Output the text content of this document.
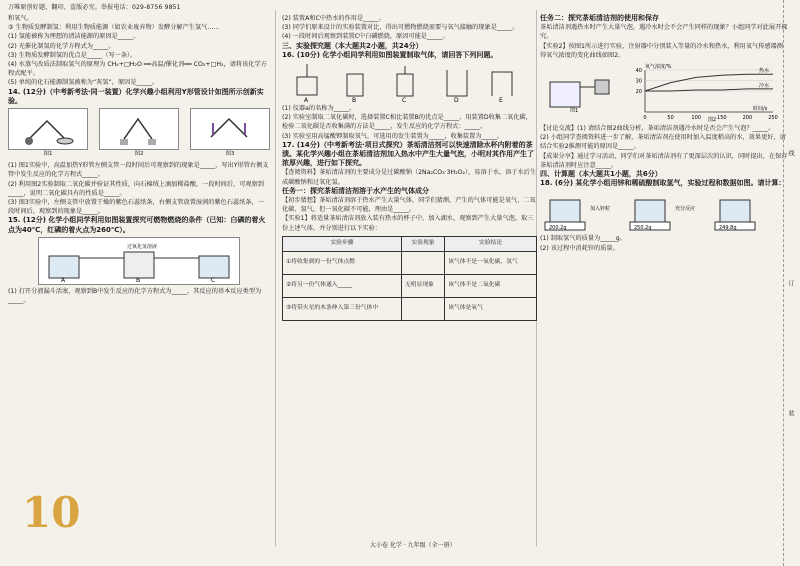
万唯原创好题，翻印、盗版必究。举报电话：029-8756 9851

和氧气。

③ 生物质发酵制氢：利用生物质能源（如农业废弃物）发酵分解产生氢气……

(1) 氢能被称为理想的清洁能源的原因是_____。

(2) 光催化制氢的化学方程式为_____。

(3) 生物质发酵制氢的优点是_____（写一条）。

(4) 水蒸气改质法制取氢气的原理为 CH₄+□H₂O ══高温/催化剂══ CO₂+□H₂，请将该化学方程式配平。

(5) 单纯的化石能源制氢被称为“灰氢”，原因是_____。

14. (12分)（中考新考法·同一装置）化学兴趣小组利用Y形管设计如图所示创新实验。

图1	图2	图3

(1) 图1实验中，高温加热Y形管左侧支管一段时间后可观察到的现象是_____，写出Y形管右侧支管中发生反应的化学方程式_____。

(2) 利用图2实验制取二氧化碳并验证其性质，向石棉绒上滴加稀盐酸，一段时间后，可观察到_____，说明二氧化碳具有的性质是_____。

(3) 图3实验中，左侧支管中放置干燥的紫色石蕊纸条，右侧支管放置湿润的紫色石蕊纸条，一段时间后，观察到的现象是_____。

15. (12分) 化学小组同学利用如图装置探究可燃物燃烧的条件（已知：白磷的着火点为40℃，红磷的着火点为260℃）。

A	B	C
过氧化氢溶液

(1) 打开分液漏斗活塞，观察到B中发生反应的化学方程式为_____，其反应的基本反应类型为_____。

10

(2) 装置A和C中热水的作用是_____。

(3) 同学们原来设计的实验装置对比，得出可燃物燃烧需要与氧气接触的现象是_____。

(4) 一段时间后观察到装置C中白磷燃烧，原因可能是_____。

三、实验探究题（本大题共2小题，共24分）

16. (10分) 化学小组同学利用如图装置制取气体，请回答下列问题。

A	B	C	D	E

(1) 仪器a的名称为_____。

(2) 实验室制取二氧化碳时，选择装置C相比装置B的优点是_____，用装置D收集二氧化碳，检验二氧化碳是否收集满的方法是_____，发生反应的化学方程式：_____。

(3) 实验室用高锰酸钾制取氧气，可选用的发生装置为_____，收集装置为_____。

17. (14分)（中考新考法·项目式探究）茶垢清洁剂可以快速清除水杯内附着的茶渍。某化学兴趣小组在茶垢清洁剂加入热水中产生大量气泡，小明对其作用产生了浓厚兴趣，进行如下探究。

【查阅资料】茶垢清洁剂的主要成分是过碳酸钠（2Na₂CO₃·3H₂O₂），易溶于水，溶于水后生成碳酸钠和过氧化氢。

任务一：探究茶垢清洁剂溶于水产生的气体成分

【初步猜想】茶垢清洁剂溶于热水产生大量气体，同学们猜测，产生的气体可能是氧气、二氧化碳、氢气，但一氧化碳不可能，理由是_____。

【实验1】将适量茶垢清洁剂放入装有热水的杯子中，加入湖水，观察到产生大量气泡，取三份上述气体，并分别进行以下实验：

实验步骤	实验现象	实验结论
①将收集到的一份气体点燃		该气体不是一氧化碳、氢气
②将另一份气体通入_____	无明显现象	该气体不是二氧化碳
③将带火星的木条伸入第三份气体中		该气体是氧气

任务二：探究茶垢清洁剂的使用和保存

茶垢清洁剂遇热水时产生大量气泡，遇冷水时会不会产生同样的现象？小组同学对此展开探究。

【实验2】按图1所示进行实验，注射器中分别装入等量的冷水和热水，利用氧气传感器测得氧气浓度的变化曲线如图2。

图1
20
30
40
0	50	100	150	200	250
热水
冷水
氧气浓度/%
时间/s
图2

【讨论交流】(1) 请结合图2曲线分析，茶垢清洁剂遇冷水时是否会产生气泡？_____。

(2) 小组同学查阅资料进一步了解，茶垢清洁剂在使用时加入温度稍高的水，效果更好，请结合实验2推测可能的原因是_____。

【成果分享】通过学习活动，同学们对茶垢清洁剂有了更深层次的认识，同时提出，在保存茶垢清洁剂时应注意_____。

四、计算题（本大题共1小题，共6分）

18. (6分) 某化学小组用锌和稀硫酸制取氢气，实验过程和数据如图。请计算：

200.2g	250.2g	249.8g
加入锌粒	充分反应

(1) 制取氢气的质量为_____g。

(2) 该过程中消耗锌的质量。

大小卷 化学 · 九年级（全一册）
线
订
装
